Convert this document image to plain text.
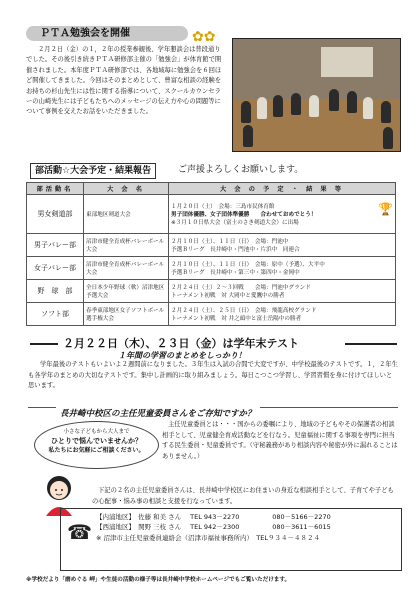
ＰＴＡ勉強会を開催	✿✿
２月２日（金）の１，２年の授業参観後、学年懇談会は普段通りでした。その後引き続きＰＴＡ研修部主催の「勉強会」が体育館で開催されました。本年度ＰＴＡ研修部では、各地域毎に勉強会を６回ほど開催してきました。今回はそのまとめとして、豊富な相談の経験をお持ちの杉山先生には性に関する指導について、スクールカウンセラーの山崎先生には子どもたちへのメッセージの伝え方や心の問題等について事例を交えたお話をいただきました。
部活動☆大会予定・結果報告	ご声援よろしくお願いします。
部活動名	大 会 名	大 会 の 予 定 ・ 結 果 等
男女剣道部	東部地区剣道大会	🏆
１月２０日（土）　会場：三島市民体育館
男子団体優勝、女子団体準優勝　　合わせておめでとう！
※３月１０日県大会（富士のさき剣道大会）に出場

男子バレー部	沼津市健全育成杯バレーボール大会	２月１０日（土）、１１日（日）　会場：門池中
予選Ｂリーグ　長井崎中・門池中・片浜中　同連合

女子バレー部	沼津市健全育成杯バレーボール大会	２月１０日（土）、１１日（日）　会場：原中（予選）、大平中
予選Ｂリーグ　長井崎中・第三中・第四中・金岡中

野　球　部	全日本少年野球（軟）沼津地区予選大会	２月２４日（土）２～３回戦　　会場：門池中グランド
トーナメント初戦　対 大岡中と愛鷹中の勝者

ソフト部	春季東部地区女子ソフトボール選手権大会	２月２４日（土）、２５日（日）　会場：飛龍高校グランド
トーナメント初戦　対 井之頭中と富士岳陽中の勝者
２月２２日（木）、２３日（金）は学年末テスト
１年間の学習のまとめをしっかり！
学年最後のテストもいよいよ２週間前になりました。３年生は入試の合間で大変ですが、中学校最後のテストです。１，２年生も各学年のまとめの大切なテストです。集中し計画的に取り組みましょう。毎日こつこつ学習し、学習習慣を身に付けてほしいと思います。
長井崎中校区の主任児童委員さんをご存知ですか？
小さな子どもから大人まで
ひとりで悩んでいませんか？
私たちにお気軽にご相談ください。
主任児童委員とは・・・国からの委嘱により、地域の子どもやその保護者の相談相手として、児童健全育成活動などを行なう。児童福祉に関する事項を専門に担当する民生委員・児童委員です。（守秘義務があり相談内容や秘密が外に漏れることはありません。）
下記の２名の主任児童委員さんは、長井崎中学校区にお住まいの身近な相談相手として、子育てや子どもの心配事・悩み事の相談と支援を行なっています。
☎
【内浦地区】 佐藤 和美 さん TEL 943－2270	080－5166－2270
【西浦地区】 関野 三枝 さん TEL 942－2300	080－3611－6015
※ 沼津市主任児童委員連絡会（沼津市福祉事務所内）　TEL９３４－４８２４
※学校だより「磨めぐる 岬」や生徒の活動の様子等は長井崎中学校ホームページでもご覧いただけます。
